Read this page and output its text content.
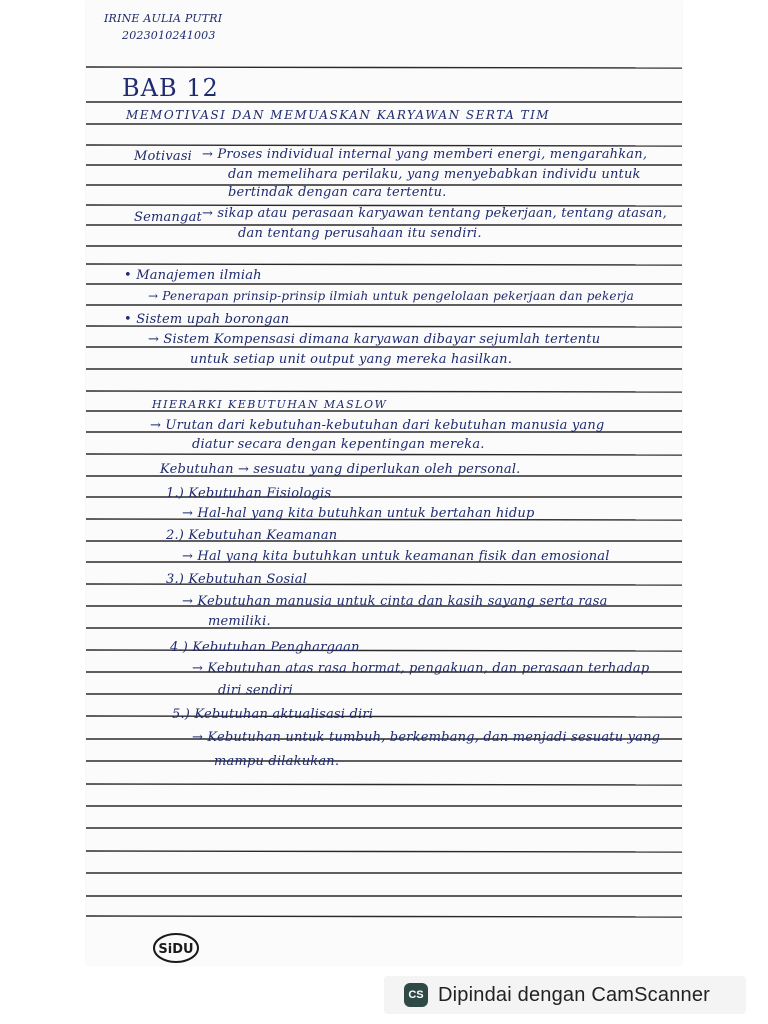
IRINE AULIA PUTRI
2023010241003
BAB 12
MEMOTIVASI DAN MEMUASKAN KARYAWAN SERTA TIM
Motivasi → Proses individual internal yang memberi energi, mengarahkan,
dan memelihara perilaku, yang menyebabkan individu untuk
bertindak dengan cara tertentu.
Semangat → sikap atau perasaan karyawan tentang pekerjaan, tentang atasan,
dan tentang perusahaan itu sendiri.
• Manajemen ilmiah
→ Penerapan prinsip-prinsip ilmiah untuk pengelolaan pekerjaan dan pekerja
• Sistem upah borongan
→ Sistem Kompensasi dimana karyawan dibayar sejumlah tertentu
untuk setiap unit output yang mereka hasilkan.
HIERARKI KEBUTUHAN MASLOW
→ Urutan dari kebutuhan-kebutuhan dari kebutuhan manusia yang
diatur secara dengan kepentingan mereka.
Kebutuhan → sesuatu yang diperlukan oleh personal.
1.) Kebutuhan Fisiologis
→ Hal-hal yang kita butuhkan untuk bertahan hidup
2.) Kebutuhan Keamanan
→ Hal yang kita butuhkan untuk keamanan fisik dan emosional
3.) Kebutuhan Sosial
→ Kebutuhan manusia untuk cinta dan kasih sayang serta rasa
memiliki.
4.) Kebutuhan Penghargaan
→ Kebutuhan atas rasa hormat, pengakuan, dan perasaan terhadap
diri sendiri
5.) Kebutuhan aktualisasi diri
→ Kebutuhan untuk tumbuh, berkembang, dan menjadi sesuatu yang
mampu dilakukan.
SiDU
CS Dipindai dengan CamScanner
